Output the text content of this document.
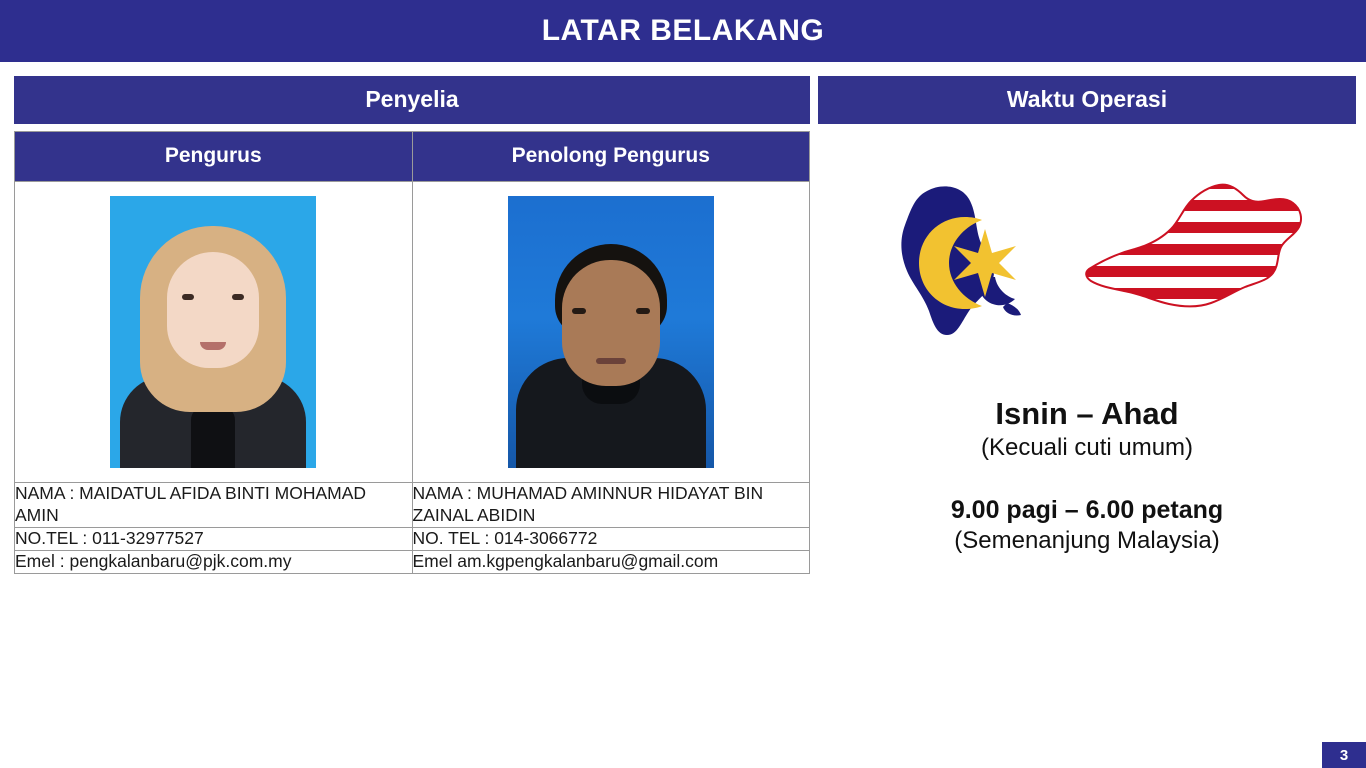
LATAR BELAKANG
Penyelia
Pengurus	Penolong Pengurus

NAMA : MAIDATUL AFIDA BINTI MOHAMAD AMIN	NAMA : MUHAMAD AMINNUR HIDAYAT BIN ZAINAL ABIDIN
NO.TEL : 011-32977527	NO. TEL : 014-3066772
Emel : pengkalanbaru@pjk.com.my	Emel am.kgpengkalanbaru@gmail.com
Waktu Operasi
Isnin – Ahad
(Kecuali cuti umum)
9.00 pagi – 6.00 petang
(Semenanjung Malaysia)
3
